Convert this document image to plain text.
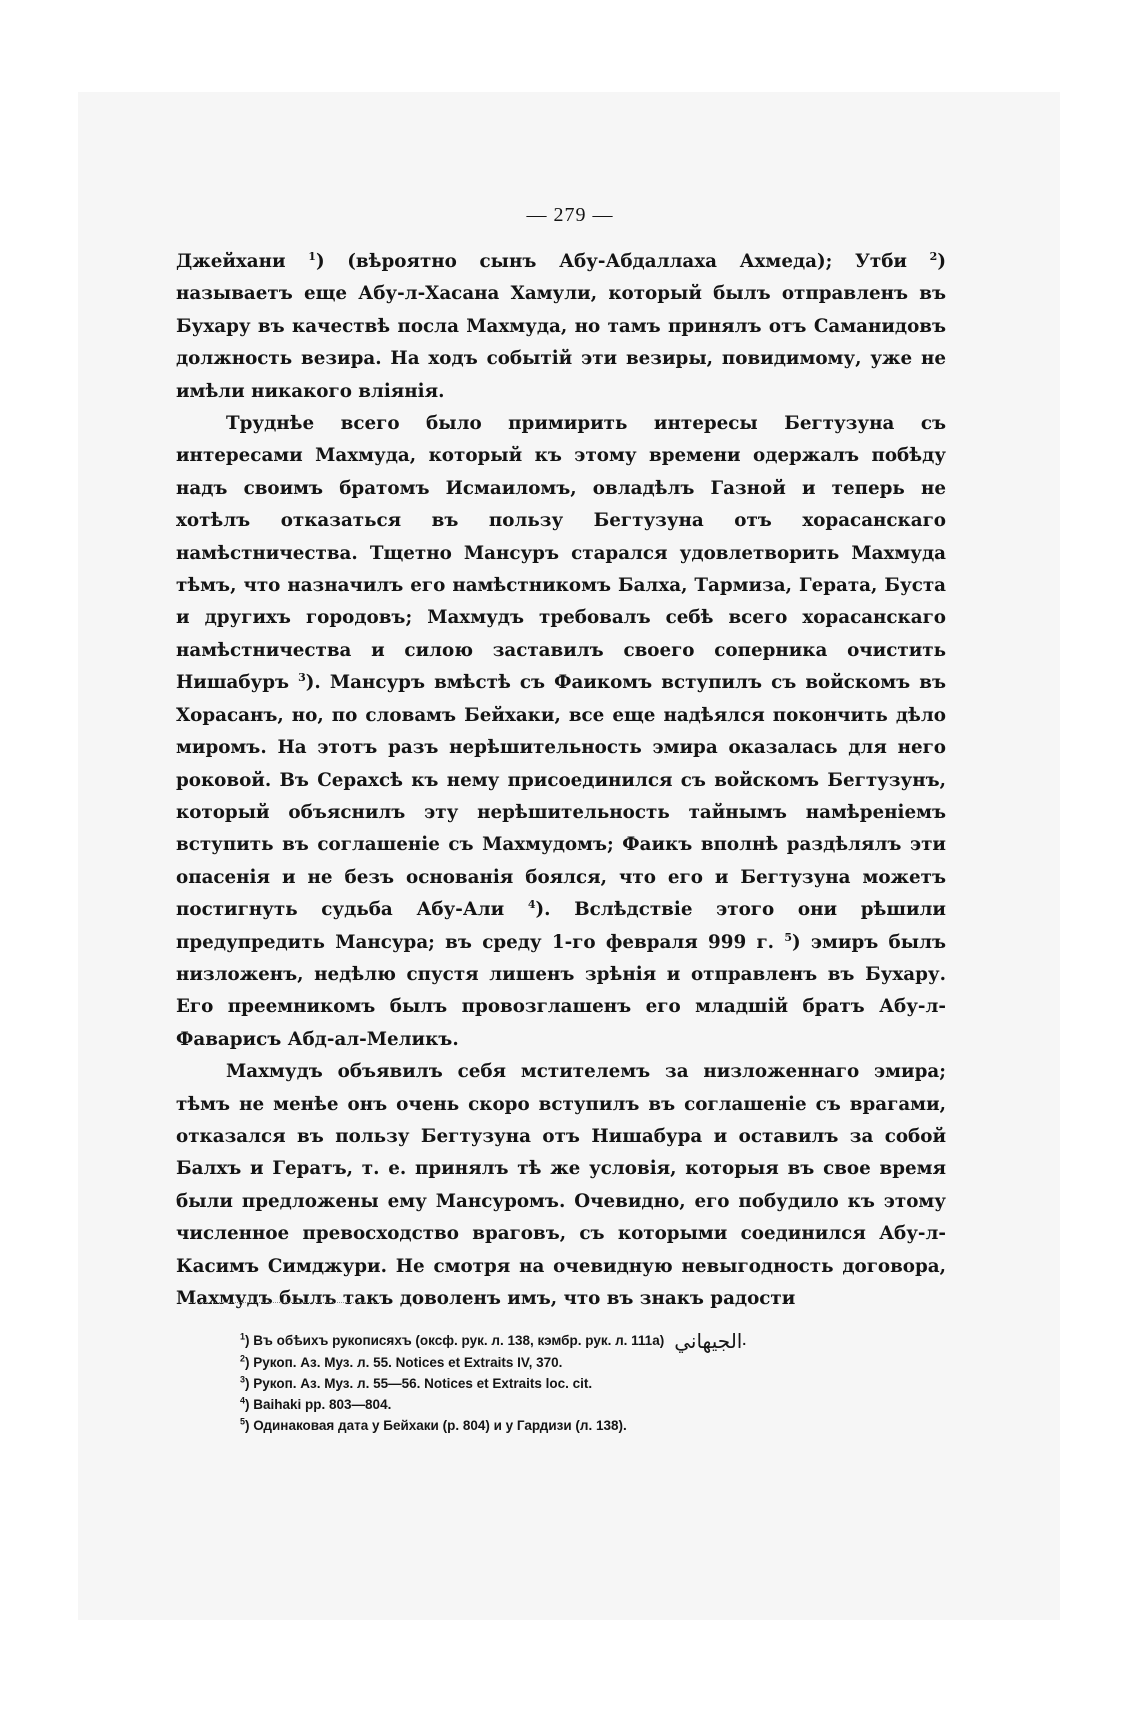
— 279 —

Джейхани $^1$) (вѣроятно сынъ Абу-Абдаллаха Ахмеда); Утби $^2$) называетъ еще Абу-л-Хасана Хамули, который былъ отправленъ въ Бухару въ качествѣ посла Махмуда, но тамъ принялъ отъ Саманидовъ должность везира. На ходъ событій эти везиры, повидимому, уже не имѣли никакого вліянія.

Труднѣе всего было примирить интересы Бегтузуна съ интересами Махмуда, который къ этому времени одержалъ побѣду надъ своимъ братомъ Исмаиломъ, овладѣлъ Газной и теперь не хотѣлъ отказаться въ пользу Бегтузуна отъ хорасанскаго намѣстничества. Тщетно Мансуръ старался удовлетворить Махмуда тѣмъ, что назначилъ его намѣстникомъ Балха, Тармиза, Герата, Буста и другихъ городовъ; Махмудъ требовалъ себѣ всего хорасанскаго намѣстничества и силою заставилъ своего соперника очистить Нишабуръ $^3$). Мансуръ вмѣстѣ съ Фаикомъ вступилъ съ войскомъ въ Хорасанъ, но, по словамъ Бейхаки, все еще надѣялся покончить дѣло миромъ. На этотъ разъ нерѣшительность эмира оказалась для него роковой. Въ Серахсѣ къ нему присоединился съ войскомъ Бегтузунъ, который объяснилъ эту нерѣшительность тайнымъ намѣреніемъ вступить въ соглашеніе съ Махмудомъ; Фаикъ вполнѣ раздѣлялъ эти опасенія и не безъ основанія боялся, что его и Бегтузуна можетъ постигнуть судьба Абу-Али $^4$). Вслѣдствіе этого они рѣшили предупредить Мансура; въ среду 1-го февраля 999 г. $^5$) эмиръ былъ низложенъ, недѣлю спустя лишенъ зрѣнія и отправленъ въ Бухару. Его преемникомъ былъ провозглашенъ его младшій братъ Абу-л-Фаварисъ Абд-ал-Меликъ.

Махмудъ объявилъ себя мстителемъ за низложеннаго эмира; тѣмъ не менѣе онъ очень скоро вступилъ въ соглашеніе съ врагами, отказался въ пользу Бегтузуна отъ Нишабура и оставилъ за собой Балхъ и Гератъ, т. е. принялъ тѣ же условія, которыя въ свое время были предложены ему Мансуромъ. Очевидно, его побудило къ этому численное превосходство враговъ, съ которыми соединился Абу-л-Касимъ Симджури. Не смотря на очевидную невыгодность договора, Махмудъ былъ такъ доволенъ имъ, что въ знакъ радости

$^1$) Въ обѣихъ рукописяхъ (оксф. рук. л. 138, кэмбр. рук. л. 111а) الجيهاني.
$^2$) Рукоп. Аз. Муз. л. 55. Notices et Extraits IV, 370.
$^3$) Рукоп. Аз. Муз. л. 55—56. Notices et Extraits loc. cit.
$^4$) Baihaki pp. 803—804.
$^5$) Одинаковая дата у Бейхаки (р. 804) и у Гардизи (л. 138).
